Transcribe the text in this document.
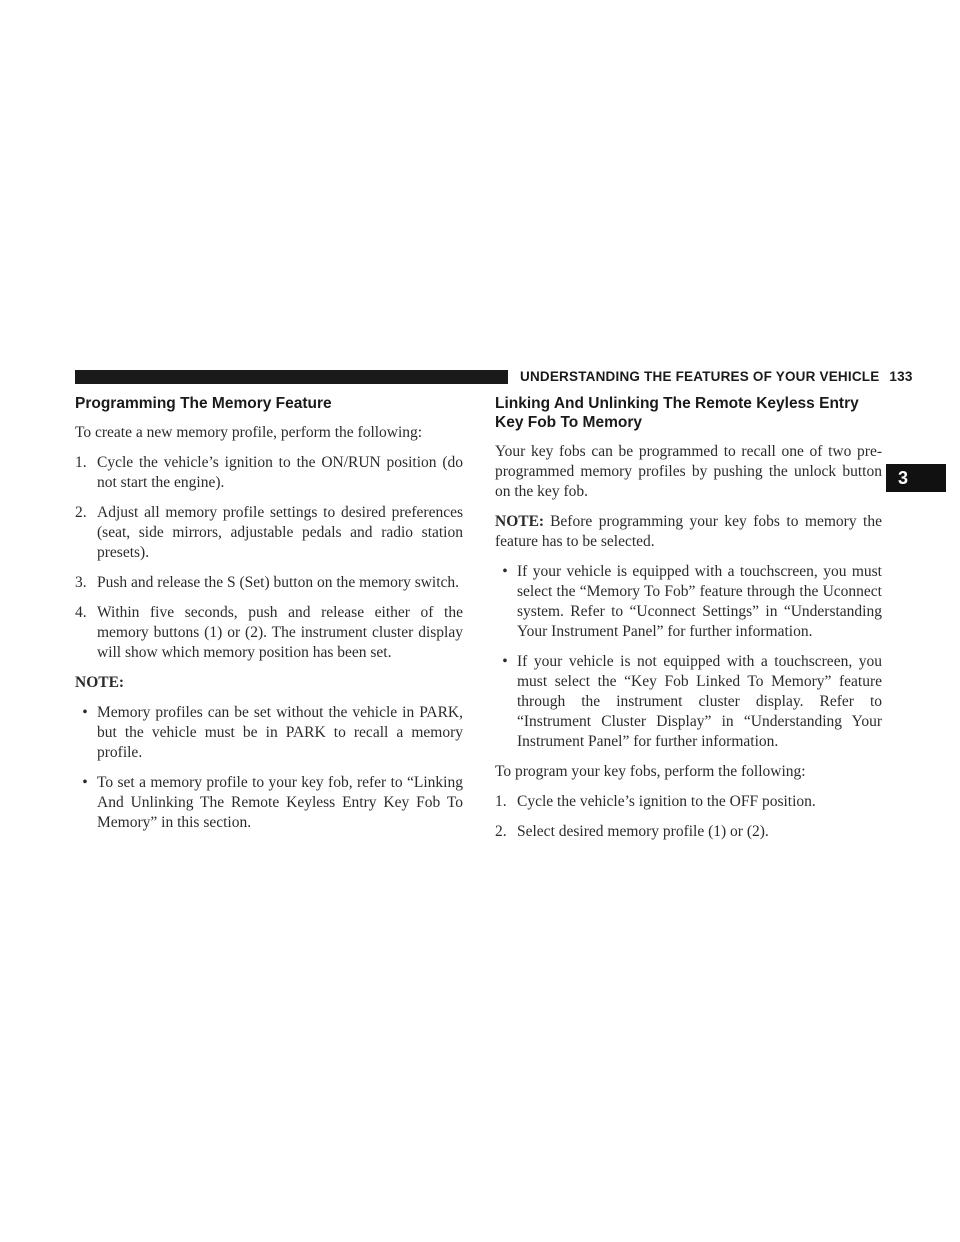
UNDERSTANDING THE FEATURES OF YOUR VEHICLE 133
3
Programming The Memory Feature

To create a new memory profile, perform the following:

1. Cycle the vehicle’s ignition to the ON/RUN position (do not start the engine).
2. Adjust all memory profile settings to desired preferences (seat, side mirrors, adjustable pedals and radio station presets).
3. Push and release the S (Set) button on the memory switch.
4. Within five seconds, push and release either of the memory buttons (1) or (2). The instrument cluster display will show which memory position has been set.

NOTE:

• Memory profiles can be set without the vehicle in PARK, but the vehicle must be in PARK to recall a memory profile.
• To set a memory profile to your key fob, refer to “Linking And Unlinking The Remote Keyless Entry Key Fob To Memory” in this section.
Linking And Unlinking The Remote Keyless Entry Key Fob To Memory

Your key fobs can be programmed to recall one of two pre-programmed memory profiles by pushing the unlock button on the key fob.

NOTE: Before programming your key fobs to memory the feature has to be selected.

• If your vehicle is equipped with a touchscreen, you must select the “Memory To Fob” feature through the Uconnect system. Refer to “Uconnect Settings” in “Understanding Your Instrument Panel” for further information.
• If your vehicle is not equipped with a touchscreen, you must select the “Key Fob Linked To Memory” feature through the instrument cluster display. Refer to “Instrument Cluster Display” in “Understanding Your Instrument Panel” for further information.

To program your key fobs, perform the following:

1. Cycle the vehicle’s ignition to the OFF position.
2. Select desired memory profile (1) or (2).
